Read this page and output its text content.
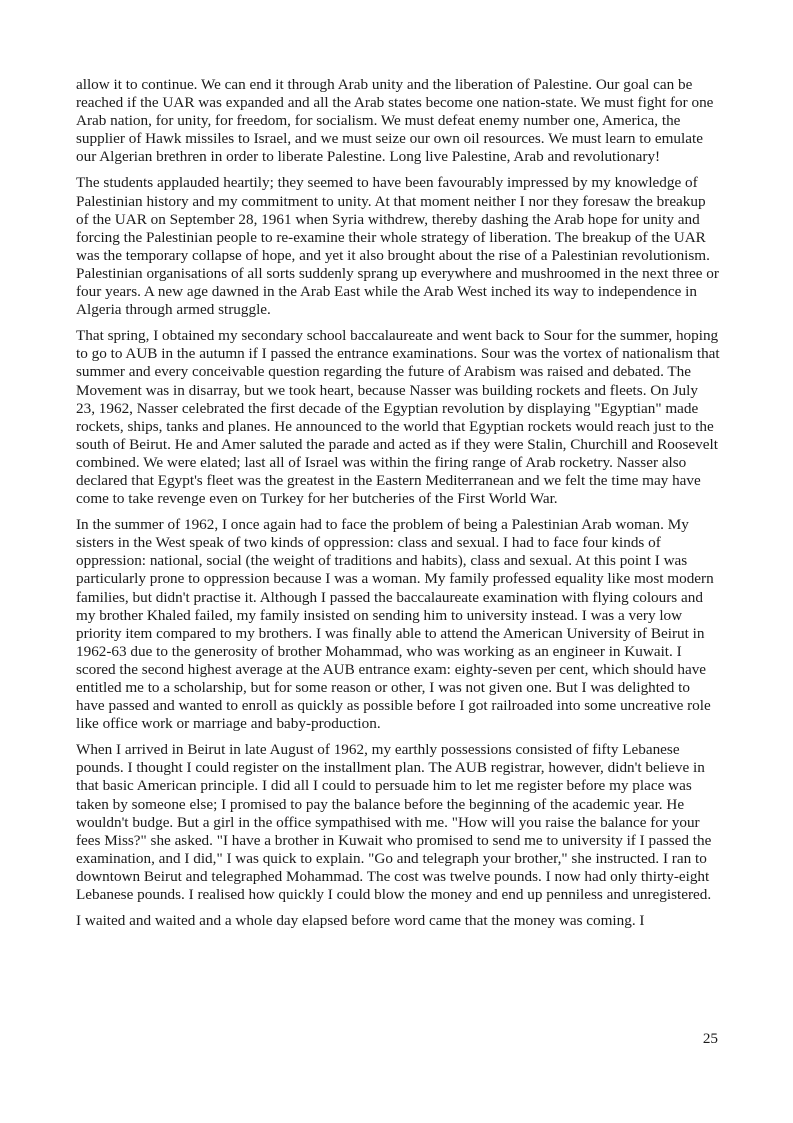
allow it to continue. We can end it through Arab unity and the liberation of Palestine. Our goal can be reached if the UAR was expanded and all the Arab states become one nation-state. We must fight for one Arab nation, for unity, for freedom, for socialism. We must defeat enemy number one, America, the supplier of Hawk missiles to Israel, and we must seize our own oil resources. We must learn to emulate our Algerian brethren in order to liberate Palestine. Long live Palestine, Arab and revolutionary!

The students applauded heartily; they seemed to have been favourably impressed by my knowledge of Palestinian history and my commitment to unity. At that moment neither I nor they foresaw the breakup of the UAR on September 28, 1961 when Syria withdrew, thereby dashing the Arab hope for unity and forcing the Palestinian people to re-examine their whole strategy of liberation. The breakup of the UAR was the temporary collapse of hope, and yet it also brought about the rise of a Palestinian revolutionism. Palestinian organisations of all sorts suddenly sprang up everywhere and mushroomed in the next three or four years. A new age dawned in the Arab East while the Arab West inched its way to independence in Algeria through armed struggle.

That spring, I obtained my secondary school baccalaureate and went back to Sour for the summer, hoping to go to AUB in the autumn if I passed the entrance examinations. Sour was the vortex of nationalism that summer and every conceivable question regarding the future of Arabism was raised and debated. The Movement was in disarray, but we took heart, because Nasser was building rockets and fleets. On July 23, 1962, Nasser celebrated the first decade of the Egyptian revolution by displaying "Egyptian" made rockets, ships, tanks and planes. He announced to the world that Egyptian rockets would reach just to the south of Beirut. He and Amer saluted the parade and acted as if they were Stalin, Churchill and Roosevelt combined. We were elated; last all of Israel was within the firing range of Arab rocketry. Nasser also declared that Egypt's fleet was the greatest in the Eastern Mediterranean and we felt the time may have come to take revenge even on Turkey for her butcheries of the First World War.

In the summer of 1962, I once again had to face the problem of being a Palestinian Arab woman. My sisters in the West speak of two kinds of oppression: class and sexual. I had to face four kinds of oppression: national, social (the weight of traditions and habits), class and sexual. At this point I was particularly prone to oppression because I was a woman. My family professed equality like most modern families, but didn't practise it. Although I passed the baccalaureate examination with flying colours and my brother Khaled failed, my family insisted on sending him to university instead. I was a very low priority item compared to my brothers. I was finally able to attend the American University of Beirut in 1962-63 due to the generosity of brother Mohammad, who was working as an engineer in Kuwait. I scored the second highest average at the AUB entrance exam: eighty-seven per cent, which should have entitled me to a scholarship, but for some reason or other, I was not given one. But I was delighted to have passed and wanted to enroll as quickly as possible before I got railroaded into some uncreative role like office work or marriage and baby-production.

When I arrived in Beirut in late August of 1962, my earthly possessions consisted of fifty Lebanese pounds. I thought I could register on the installment plan. The AUB registrar, however, didn't believe in that basic American principle. I did all I could to persuade him to let me register before my place was taken by someone else; I promised to pay the balance before the beginning of the academic year. He wouldn't budge. But a girl in the office sympathised with me. "How will you raise the balance for your fees Miss?" she asked. "I have a brother in Kuwait who promised to send me to university if I passed the examination, and I did," I was quick to explain. "Go and telegraph your brother," she instructed. I ran to downtown Beirut and telegraphed Mohammad. The cost was twelve pounds. I now had only thirty-eight Lebanese pounds. I realised how quickly I could blow the money and end up penniless and unregistered.

I waited and waited and a whole day elapsed before word came that the money was coming. I

25
